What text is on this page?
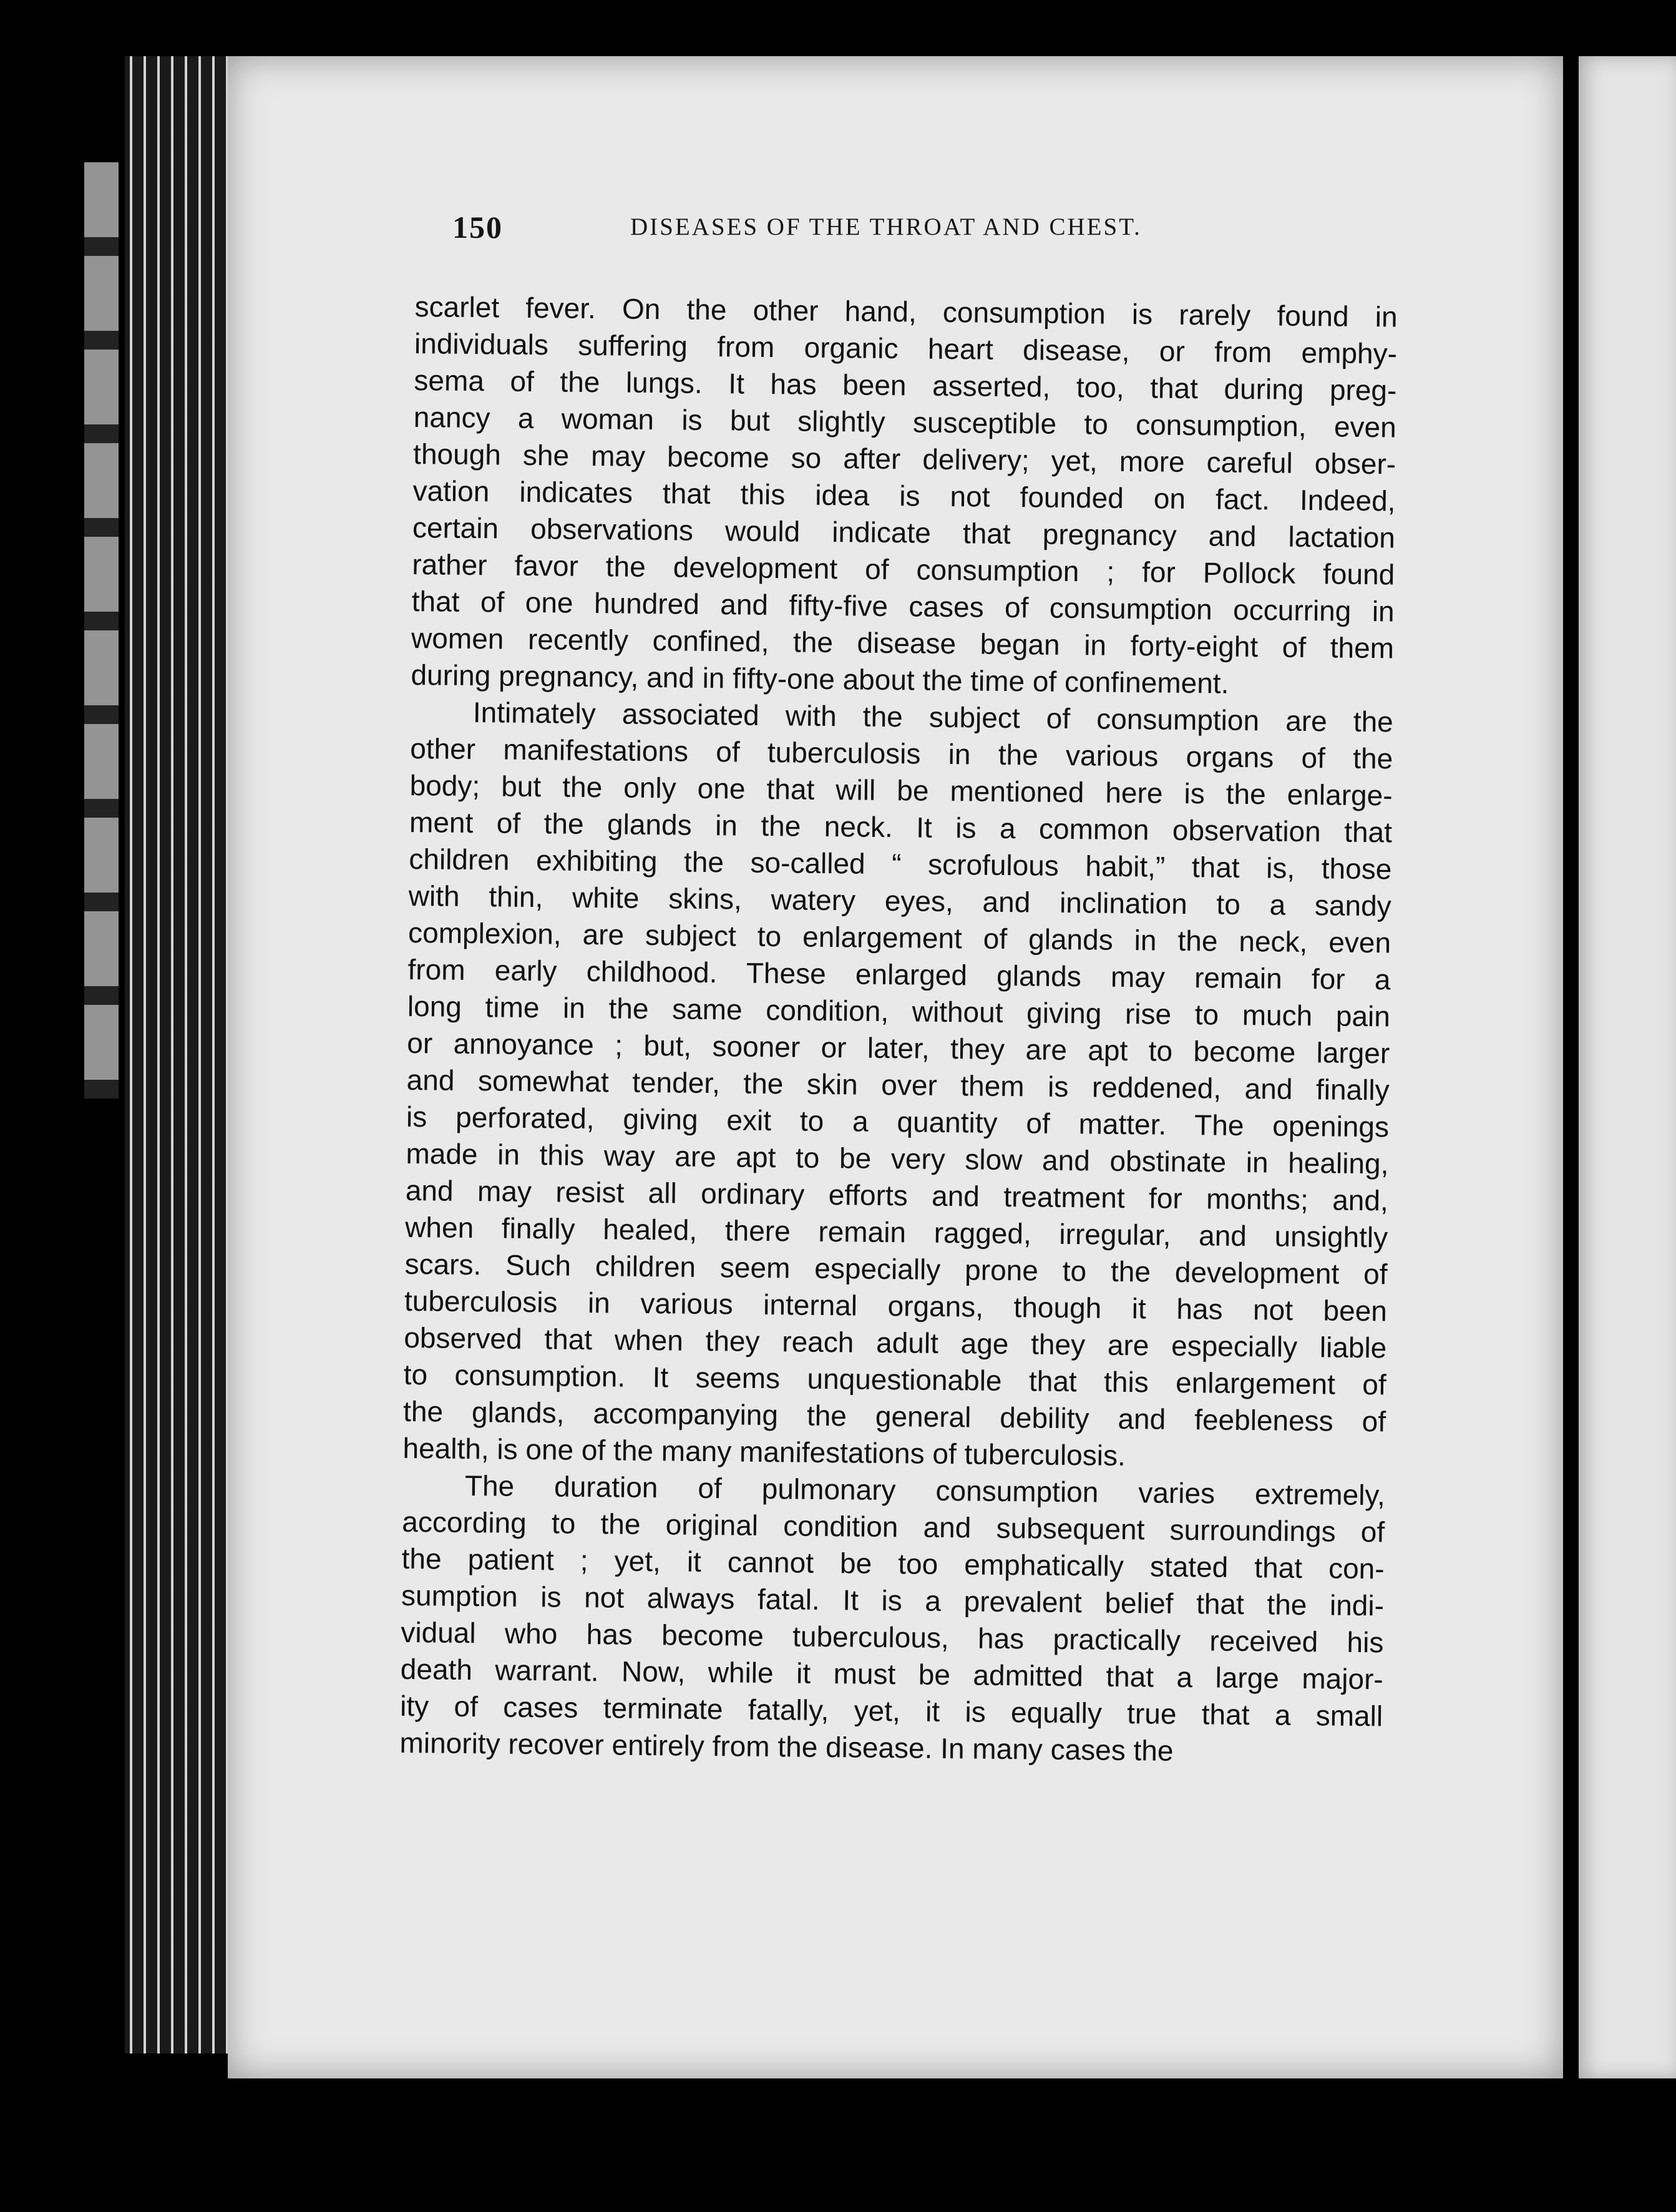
150	DISEASES OF THE THROAT AND CHEST.
scarlet fever. On the other hand, consumption is rarely found in
individuals suffering from organic heart disease, or from emphy-
sema of the lungs. It has been asserted, too, that during preg-
nancy a woman is but slightly susceptible to consumption, even
though she may become so after delivery; yet, more careful obser-
vation indicates that this idea is not founded on fact. Indeed,
certain observations would indicate that pregnancy and lactation
rather favor the development of consumption ; for Pollock found
that of one hundred and fifty-five cases of consumption occurring in
women recently confined, the disease began in forty-eight of them
during pregnancy, and in fifty-one about the time of confinement.
Intimately associated with the subject of consumption are the
other manifestations of tuberculosis in the various organs of the
body; but the only one that will be mentioned here is the enlarge-
ment of the glands in the neck. It is a common observation that
children exhibiting the so-called “ scrofulous habit,” that is, those
with thin, white skins, watery eyes, and inclination to a sandy
complexion, are subject to enlargement of glands in the neck, even
from early childhood. These enlarged glands may remain for a
long time in the same condition, without giving rise to much pain
or annoyance ; but, sooner or later, they are apt to become larger
and somewhat tender, the skin over them is reddened, and finally
is perforated, giving exit to a quantity of matter. The openings
made in this way are apt to be very slow and obstinate in healing,
and may resist all ordinary efforts and treatment for months; and,
when finally healed, there remain ragged, irregular, and unsightly
scars. Such children seem especially prone to the development of
tuberculosis in various internal organs, though it has not been
observed that when they reach adult age they are especially liable
to consumption. It seems unquestionable that this enlargement of
the glands, accompanying the general debility and feebleness of
health, is one of the many manifestations of tuberculosis.
The duration of pulmonary consumption varies extremely,
according to the original condition and subsequent surroundings of
the patient ; yet, it cannot be too emphatically stated that con-
sumption is not always fatal. It is a prevalent belief that the indi-
vidual who has become tuberculous, has practically received his
death warrant. Now, while it must be admitted that a large major-
ity of cases terminate fatally, yet, it is equally true that a small
minority recover entirely from the disease. In many cases the
